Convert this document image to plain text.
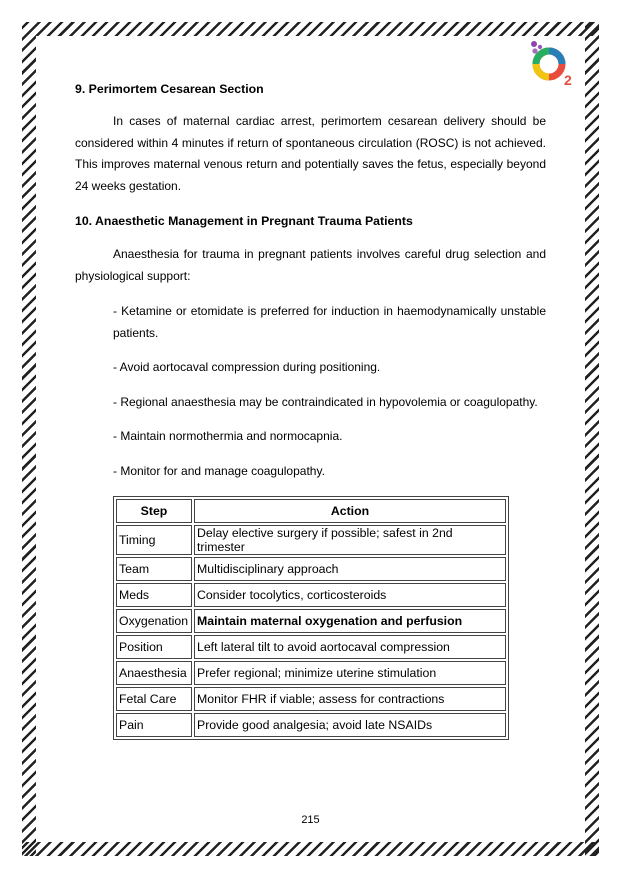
2
9. Perimortem Cesarean Section

In cases of maternal cardiac arrest, perimortem cesarean delivery should be considered within 4 minutes if return of spontaneous circulation (ROSC) is not achieved. This improves maternal venous return and potentially saves the fetus, especially beyond 24 weeks gestation.

10. Anaesthetic Management in Pregnant Trauma Patients

Anaesthesia for trauma in pregnant patients involves careful drug selection and physiological support:

- Ketamine or etomidate is preferred for induction in haemodynamically unstable patients.

- Avoid aortocaval compression during positioning.

- Regional anaesthesia may be contraindicated in hypovolemia or coagulopathy.

- Maintain normothermia and normocapnia.

- Monitor for and manage coagulopathy.

Step	Action
Timing	Delay elective surgery if possible; safest in 2nd trimester
Team	Multidisciplinary approach
Meds	Consider tocolytics, corticosteroids
Oxygenation	Maintain maternal oxygenation and perfusion
Position	Left lateral tilt to avoid aortocaval compression
Anaesthesia	Prefer regional; minimize uterine stimulation
Fetal Care	Monitor FHR if viable; assess for contractions
Pain	Provide good analgesia; avoid late NSAIDs
215
